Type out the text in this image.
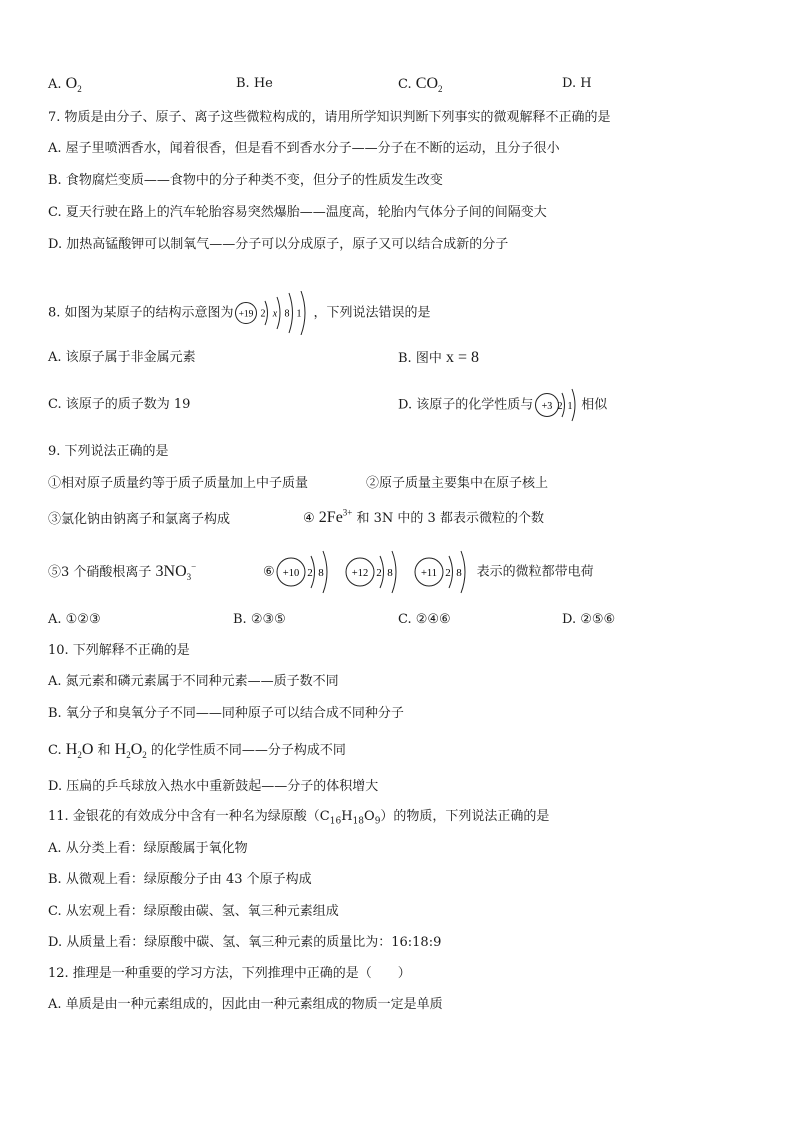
A. $O_2$	B. He	C. $CO_2$	D. H
7. 物质是由分子、原子、离子这些微粒构成的，请用所学知识判断下列事实的微观解释不正确的是
A. 屋子里喷洒香水，闻着很香，但是看不到香水分子——分子在不断的运动，且分子很小
B. 食物腐烂变质——食物中的分子种类不变，但分子的性质发生改变
C. 夏天行驶在路上的汽车轮胎容易突然爆胎——温度高，轮胎内气体分子间的间隔变大
D. 加热高锰酸钾可以制氧气——分子可以分成原子，原子又可以结合成新的分子
8. 如图为某原子的结构示意图为 +19 2 x 8 1 ，下列说法错误的是
A. 该原子属于非金属元素	B. 图中 x = 8
C. 该原子的质子数为 19	D. 该原子的化学性质与 +3 2 1 相似
9. 下列说法正确的是
①相对原子质量约等于质子质量加上中子质量	②原子质量主要集中在原子核上
③氯化钠由钠离子和氯离子构成	④ $2Fe^{3+}$ 和 3N 中的 3 都表示微粒的个数
⑤3 个硝酸根离子 $3NO_3^-$	⑥ +10 2 8	+12 2 8	+11 2 8 表示的微粒都带电荷
A. ①②③	B. ②③⑤	C. ②④⑥	D. ②⑤⑥
10. 下列解释不正确的是
A. 氮元素和磷元素属于不同种元素——质子数不同
B. 氧分子和臭氧分子不同——同种原子可以结合成不同种分子
C. $H_2O$ 和 $H_2O_2$ 的化学性质不同——分子构成不同
D. 压扁的乒乓球放入热水中重新鼓起——分子的体积增大
11. 金银花的有效成分中含有一种名为绿原酸$(C_{16}H_{18}O_9)$的物质，下列说法正确的是
A. 从分类上看：绿原酸属于氧化物
B. 从微观上看：绿原酸分子由 43 个原子构成
C. 从宏观上看：绿原酸由碳、氢、氧三种元素组成
D. 从质量上看：绿原酸中碳、氢、氧三种元素的质量比为：16:18:9
12. 推理是一种重要的学习方法，下列推理中正确的是（　　）
A. 单质是由一种元素组成的，因此由一种元素组成的物质一定是单质
